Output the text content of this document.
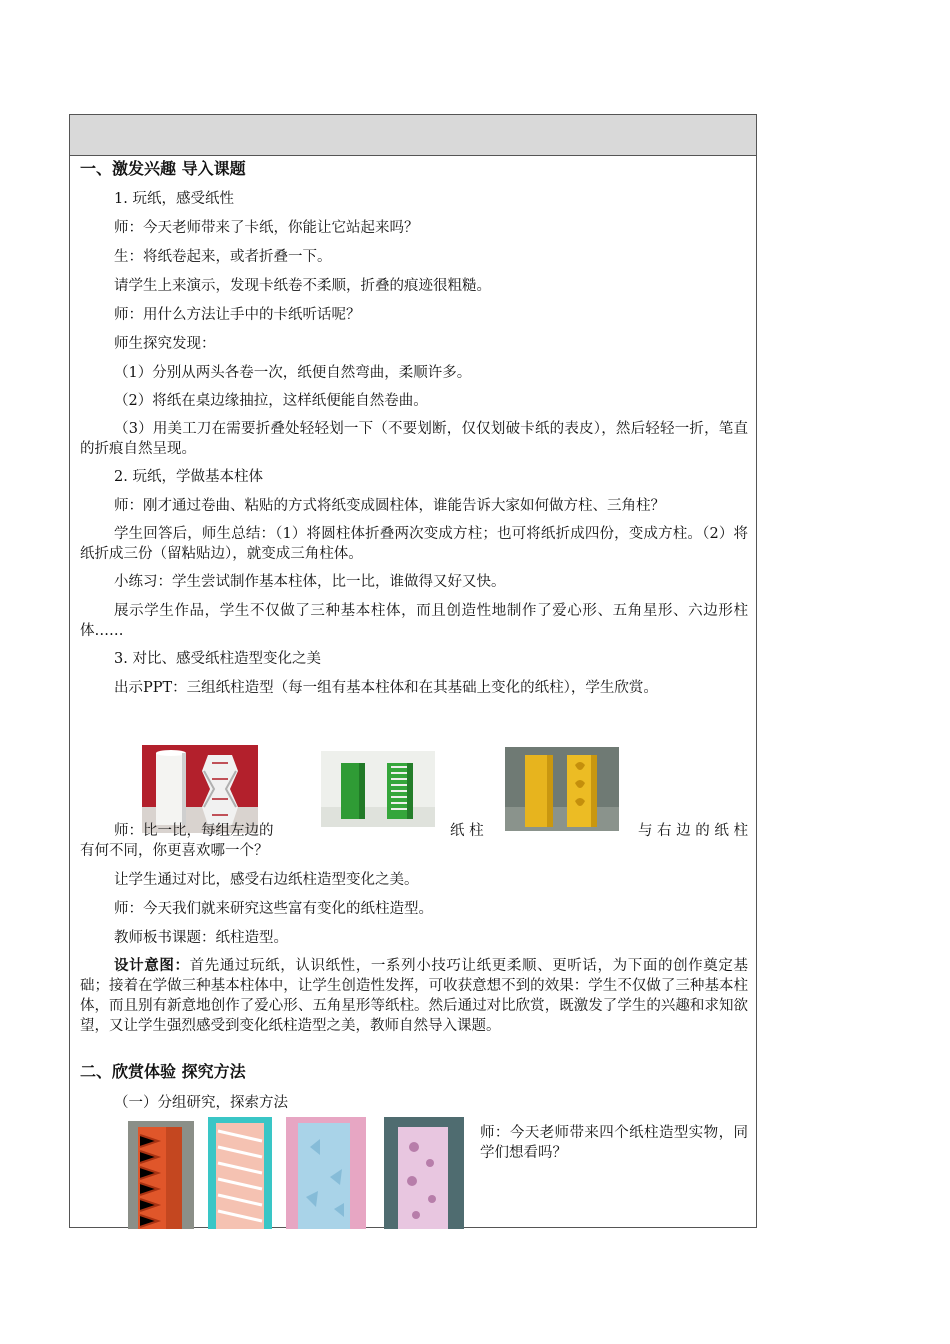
一、激发兴趣 导入课题

1. 玩纸，感受纸性

师：今天老师带来了卡纸，你能让它站起来吗？

生：将纸卷起来，或者折叠一下。

请学生上来演示，发现卡纸卷不柔顺，折叠的痕迹很粗糙。

师：用什么方法让手中的卡纸听话呢？

师生探究发现：

（1）分别从两头各卷一次，纸便自然弯曲，柔顺许多。

（2）将纸在桌边缘抽拉，这样纸便能自然卷曲。

（3）用美工刀在需要折叠处轻轻划一下（不要划断，仅仅划破卡纸的表皮），然后轻轻一折，笔直的折痕自然呈现。

2. 玩纸，学做基本柱体

师：刚才通过卷曲、粘贴的方式将纸变成圆柱体，谁能告诉大家如何做方柱、三角柱？

学生回答后，师生总结：（1）将圆柱体折叠两次变成方柱；也可将纸折成四份，变成方柱。（2）将纸折成三份（留粘贴边），就变成三角柱体。

小练习：学生尝试制作基本柱体，比一比，谁做得又好又快。

展示学生作品，学生不仅做了三种基本柱体，而且创造性地制作了爱心形、五角星形、六边形柱体……

3. 对比、感受纸柱造型变化之美

出示PPT：三组纸柱造型（每一组有基本柱体和在其基础上变化的纸柱），学生欣赏。

师：比一比，每组左边的	纸 柱	与 右 边 的 纸 柱

有何不同，你更喜欢哪一个？

让学生通过对比，感受右边纸柱造型变化之美。

师：今天我们就来研究这些富有变化的纸柱造型。

教师板书课题：纸柱造型。

设计意图：首先通过玩纸，认识纸性，一系列小技巧让纸更柔顺、更听话，为下面的创作奠定基础；接着在学做三种基本柱体中，让学生创造性发挥，可收获意想不到的效果：学生不仅做了三种基本柱体，而且别有新意地创作了爱心形、五角星形等纸柱。然后通过对比欣赏，既激发了学生的兴趣和求知欲望，又让学生强烈感受到变化纸柱造型之美，教师自然导入课题。

二、欣赏体验 探究方法

（一）分组研究，探索方法

师：今天老师带来四个纸柱造型实物，同学们想看吗？
